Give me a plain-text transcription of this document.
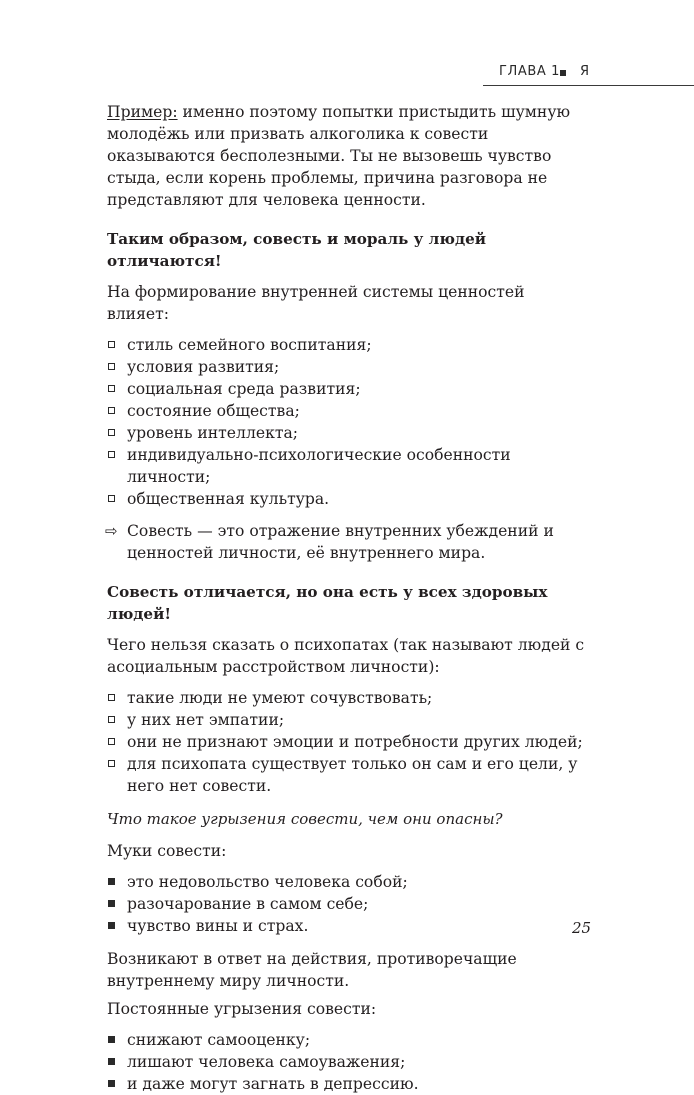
ГЛАВА 1 Я

Пример: именно поэтому попытки пристыдить шумную молодёжь или призвать алкоголика к совести оказываются бесполезными. Ты не вызовешь чувство стыда, если корень проблемы, причина разговора не представляют для человека ценности.

Таким образом, совесть и мораль у людей отличаются!

На формирование внутренней системы ценностей влияет:

стиль семейного воспитания;
условия развития;
социальная среда развития;
состояние общества;
уровень интеллекта;
индивидуально-психологические особенности личности;
общественная культура.
⇨ Совесть — это отражение внутренних убеждений и ценностей личности, её внутреннего мира.

Совесть отличается, но она есть у всех здоровых людей!

Чего нельзя сказать о психопатах (так называют людей с асоциальным расстройством личности):

такие люди не умеют сочувствовать;
у них нет эмпатии;
они не признают эмоции и потребности других людей;
для психопата существует только он сам и его цели, у него нет совести.

Что такое угрызения совести, чем они опасны?

Муки совести:

это недовольство человека собой;
разочарование в самом себе;
чувство вины и страх.

Возникают в ответ на действия, противоречащие внутреннему миру личности.

Постоянные угрызения совести:

снижают самооценку;
лишают человека самоуважения;
и даже могут загнать в депрессию.
25
